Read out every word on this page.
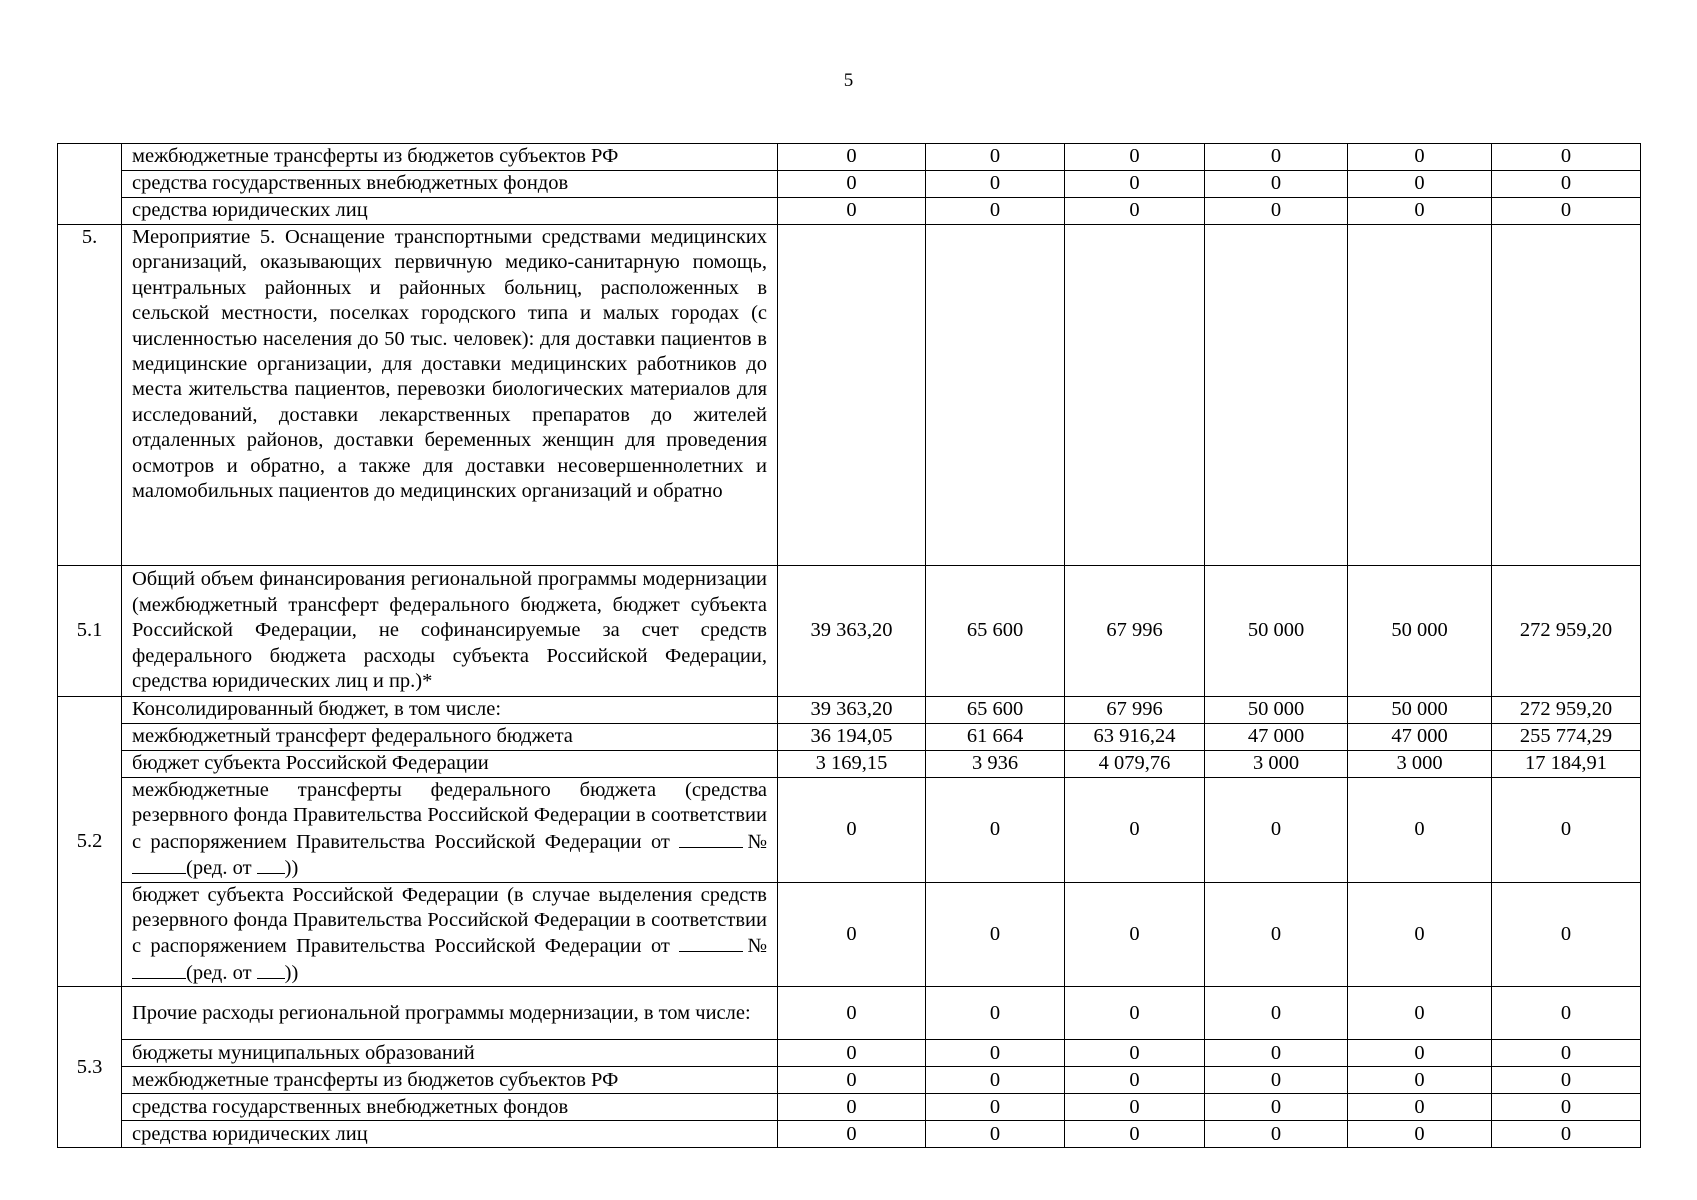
5
	межбюджетные трансферты из бюджетов субъектов РФ	0	0	0	0	0	0
	средства государственных внебюджетных фондов	0	0	0	0	0	0
	средства юридических лиц	0	0	0	0	0	0
5.	Мероприятие 5. Оснащение транспортными средствами медицинских организаций, оказывающих первичную медико-санитарную помощь, центральных районных и районных больниц, расположенных в сельской местности, поселках городского типа и малых городах (с численностью населения до 50 тыс. человек): для доставки пациентов в медицинские организации, для доставки медицинских работников до места жительства пациентов, перевозки биологических материалов для исследований, доставки лекарственных препаратов до жителей отдаленных районов, доставки беременных женщин для проведения осмотров и обратно, а также для доставки несовершеннолетних и маломобильных пациентов до медицинских организаций и обратно						
5.1	Общий объем финансирования региональной программы модернизации (межбюджетный трансферт федерального бюджета, бюджет субъекта Российской Федерации, не софинансируемые за счет средств федерального бюджета расходы субъекта Российской Федерации, средства юридических лиц и пр.)*	39 363,20	65 600	67 996	50 000	50 000	272 959,20
5.2	Консолидированный бюджет, в том числе:	39 363,20	65 600	67 996	50 000	50 000	272 959,20
	межбюджетный трансферт федерального бюджета	36 194,05	61 664	63 916,24	47 000	47 000	255 774,29
	бюджет субъекта Российской Федерации	3 169,15	3 936	4 079,76	3 000	3 000	17 184,91
	межбюджетные трансферты федерального бюджета (средства резервного фонда Правительства Российской Федерации в соответствии с распоряжением Правительства Российской Федерации от №(ред. от ))	0	0	0	0	0	0
	бюджет субъекта Российской Федерации (в случае выделения средств резервного фонда Правительства Российской Федерации в соответствии с распоряжением Правительства Российской Федерации от №(ред. от ))	0	0	0	0	0	0
5.3	Прочие расходы региональной программы модернизации, в том числе:	0	0	0	0	0	0
	бюджеты муниципальных образований	0	0	0	0	0	0
	межбюджетные трансферты из бюджетов субъектов РФ	0	0	0	0	0	0
	средства государственных внебюджетных фондов	0	0	0	0	0	0
	средства юридических лиц	0	0	0	0	0	0
